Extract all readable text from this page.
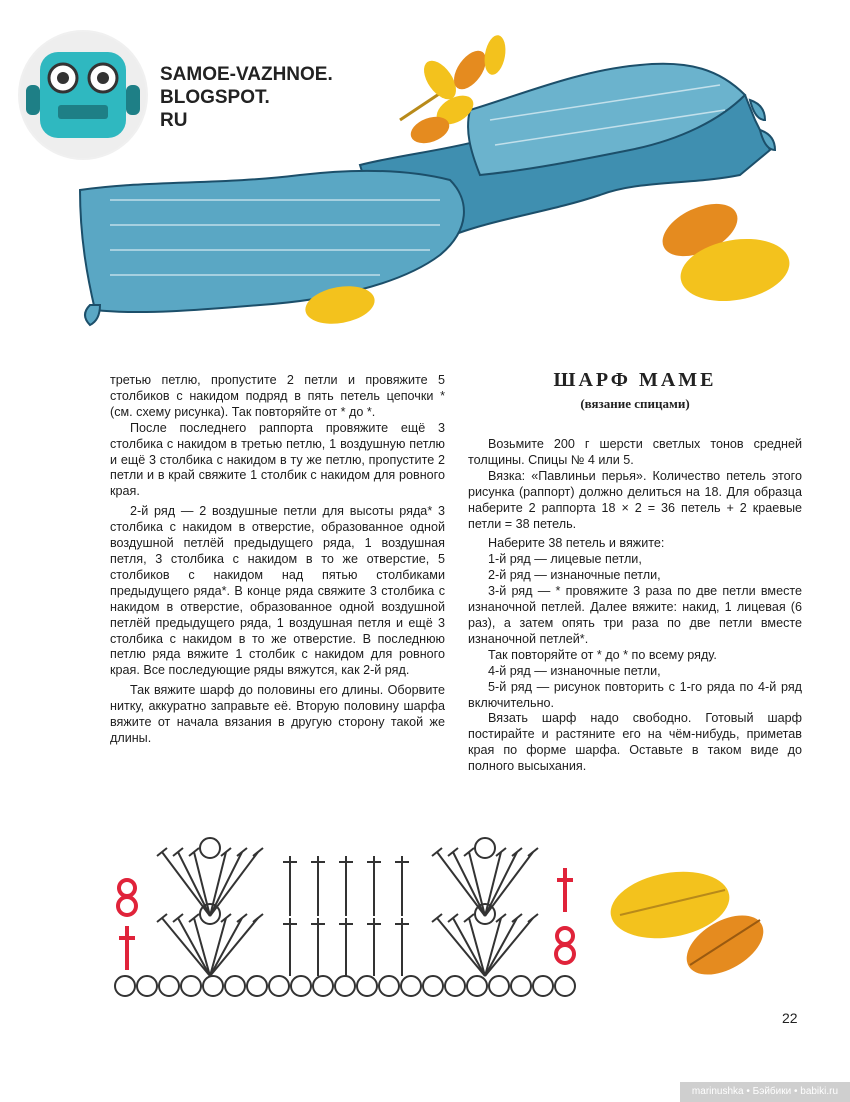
SAMOE-VAZHNOE.
BLOGSPOT.
RU
ШАРФ МАМЕ
(вязание спицами)

третью петлю, пропустите 2 петли и провяжите 5 столбиков с накидом подряд в пять петель цепочки * (см. схему рисунка). Так повторяйте от * до *.

После последнего раппорта провяжите ещё 3 столбика с накидом в третью петлю, 1 воздушную петлю и ещё 3 столбика с накидом в ту же петлю, пропустите 2 петли и в край свяжите 1 столбик с накидом для ровного края.

2-й ряд — 2 воздушные петли для высоты ряда* 3 столбика с накидом в отверстие, образованное одной воздушной петлёй предыдущего ряда, 1 воздушная петля, 3 столбика с накидом в то же отверстие, 5 столбиков с накидом над пятью столбиками предыдущего ряда*. В конце ряда свяжите 3 столбика с накидом в отверстие, образованное одной воздушной петлёй предыдущего ряда, 1 воздушная петля и ещё 3 столбика с накидом в то же отверстие. В последнюю петлю ряда вяжите 1 столбик с накидом для ровного края. Все последующие ряды вяжутся, как 2-й ряд.

Так вяжите шарф до половины его длины. Оборвите нитку, аккуратно заправьте её. Вторую половину шарфа вяжите от начала вязания в другую сторону такой же длины.

Возьмите 200 г шерсти светлых тонов средней толщины. Спицы № 4 или 5.

Вязка: «Павлиньи перья». Количество петель этого рисунка (раппорт) должно делиться на 18. Для образца наберите 2 раппорта 18 × 2 = 36 петель + 2 краевые петли = 38 петель.

Наберите 38 петель и вяжите:

1-й ряд — лицевые петли,

2-й ряд — изнаночные петли,

3-й ряд — * провяжите 3 раза по две петли вместе изнаночной петлей. Далее вяжите: накид, 1 лицевая (6 раз), а затем опять три раза по две петли вместе изнаночной петлей*.

Так повторяйте от * до * по всему ряду.

4-й ряд — изнаночные петли,

5-й ряд — рисунок повторить с 1-го ряда по 4-й ряд включительно.

Вязать шарф надо свободно. Готовый шарф постирайте и растяните его на чём-нибудь, приметав края по форме шарфа. Оставьте в таком виде до полного высыхания.

22
marinushka • Бэйбики • babiki.ru
